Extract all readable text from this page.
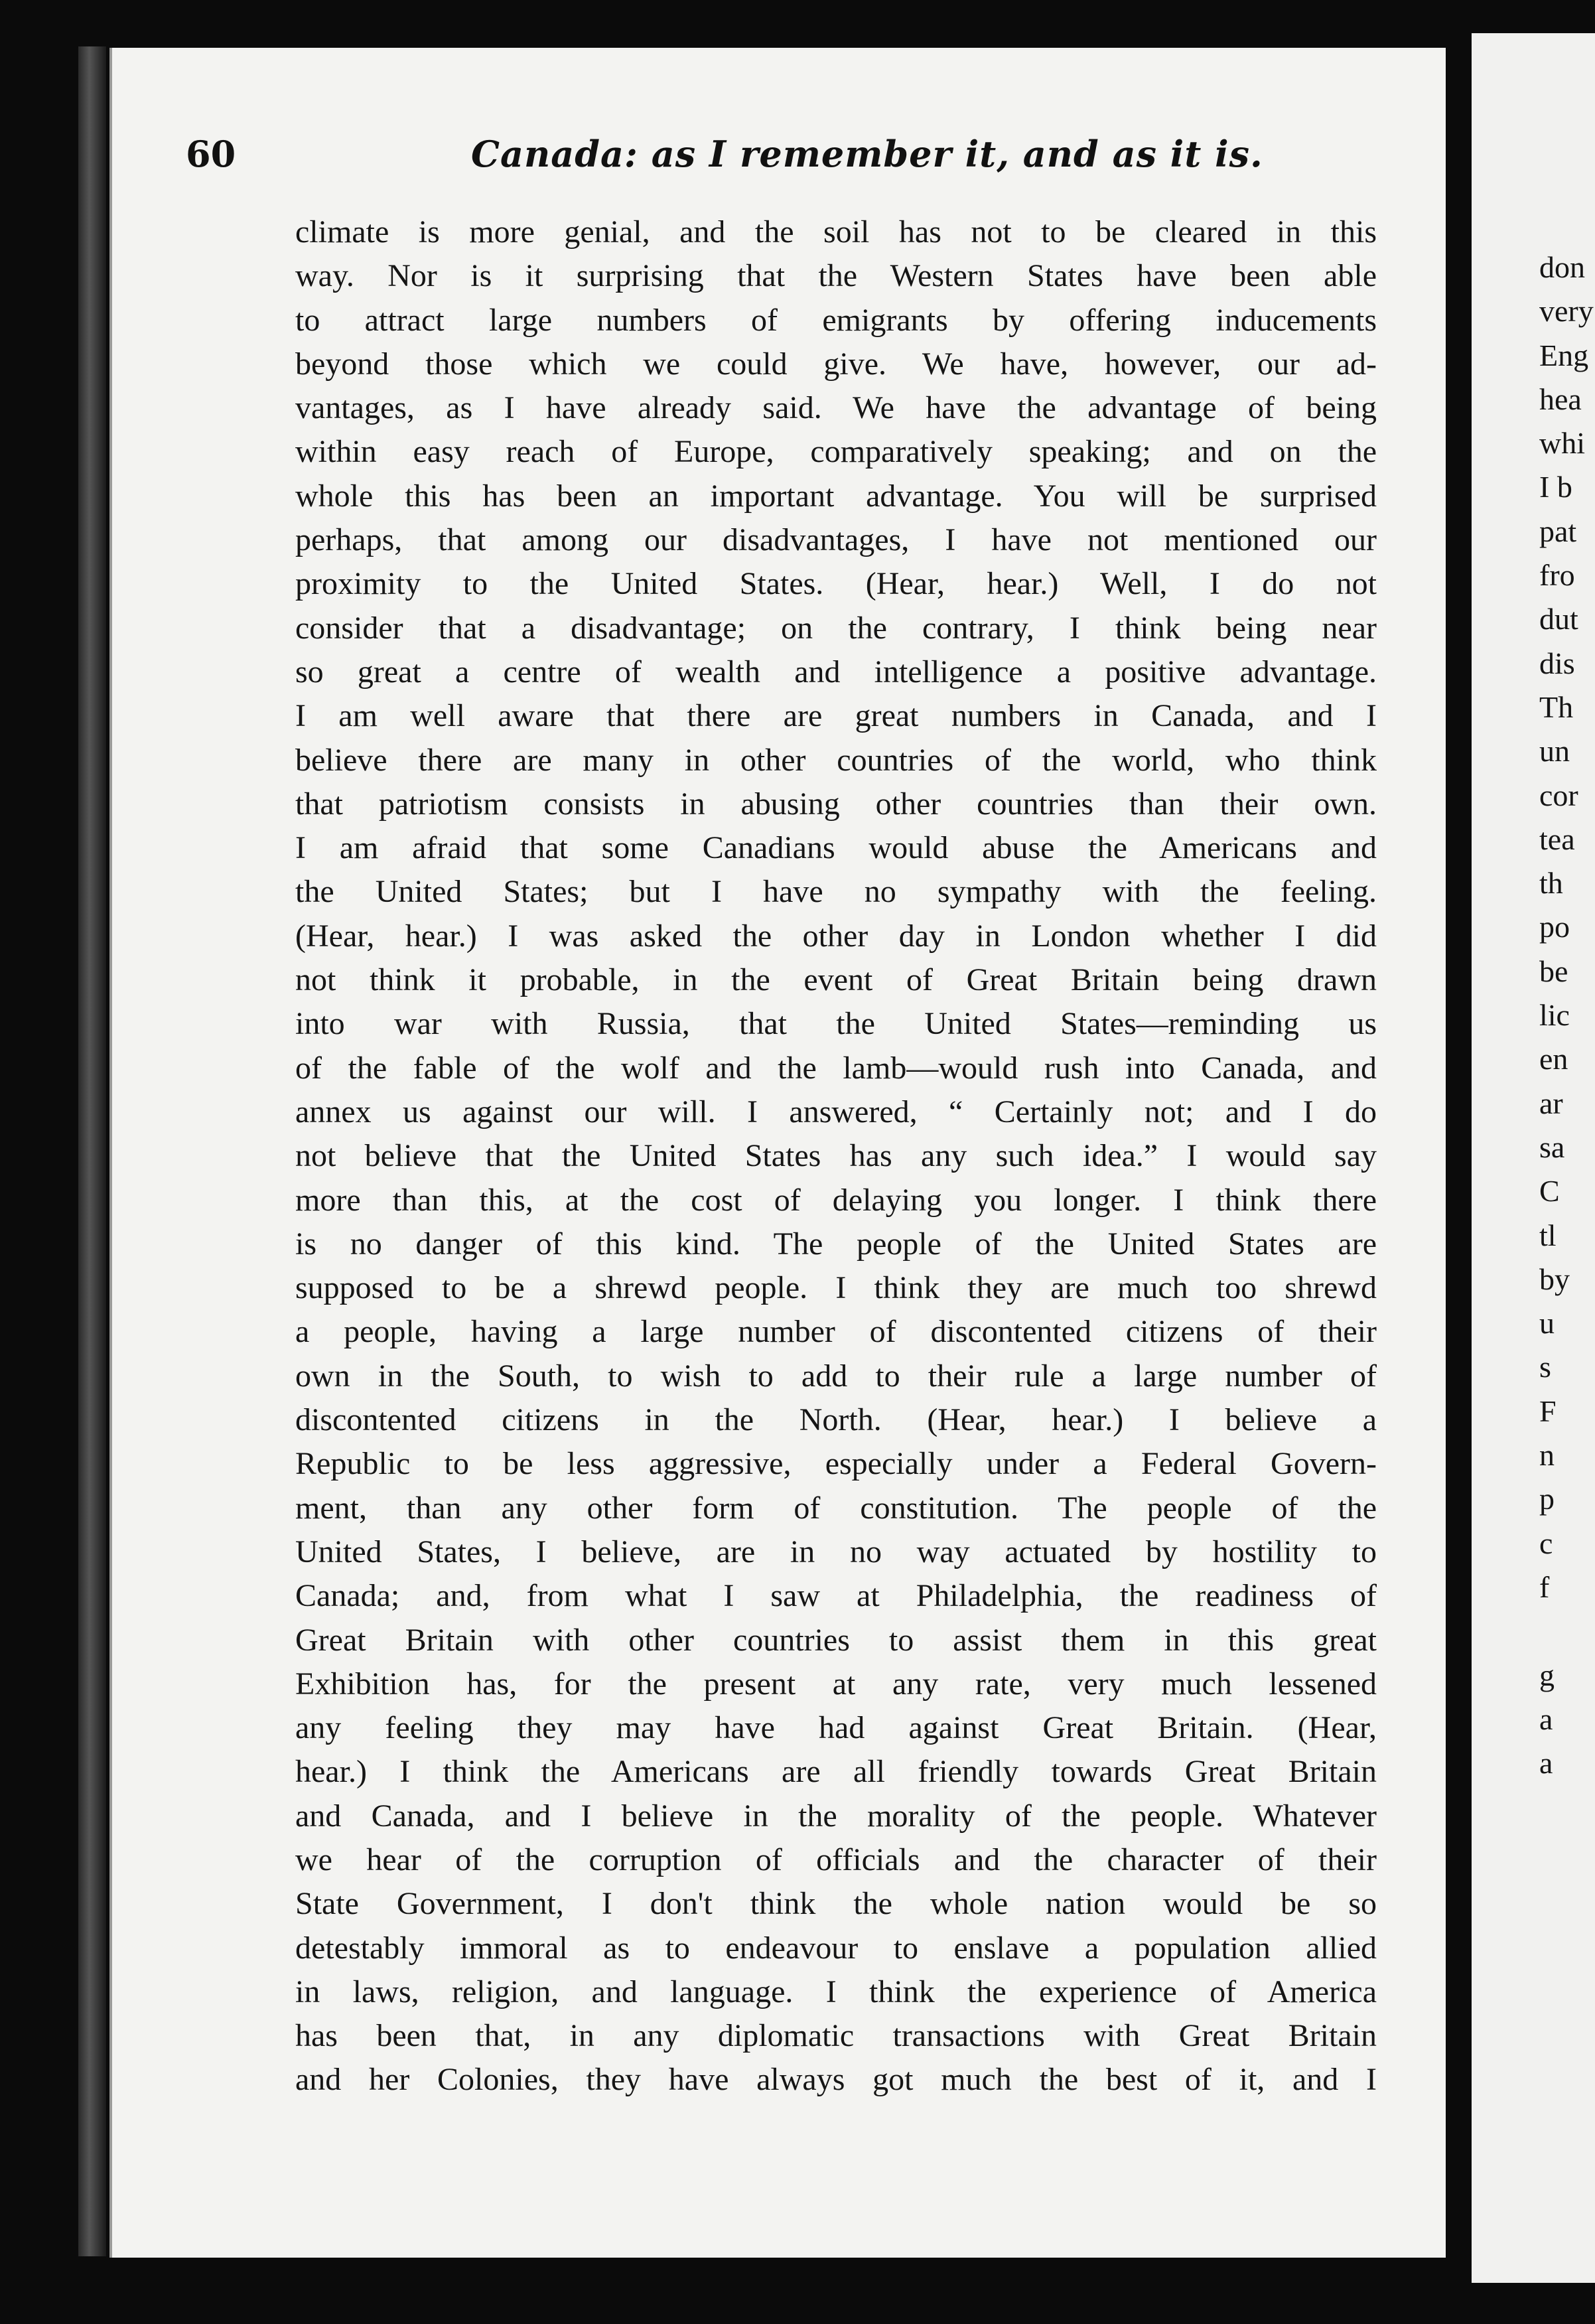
60	Canada: as I remember it, and as it is.
climate is more genial, and the soil has not to be cleared in this
way. Nor is it surprising that the Western States have been able
to attract large numbers of emigrants by offering inducements
beyond those which we could give. We have, however, our ad-
vantages, as I have already said. We have the advantage of being
within easy reach of Europe, comparatively speaking; and on the
whole this has been an important advantage. You will be surprised
perhaps, that among our disadvantages, I have not mentioned our
proximity to the United States. (Hear, hear.) Well, I do not
consider that a disadvantage; on the contrary, I think being near
so great a centre of wealth and intelligence a positive advantage.
I am well aware that there are great numbers in Canada, and I
believe there are many in other countries of the world, who think
that patriotism consists in abusing other countries than their own.
I am afraid that some Canadians would abuse the Americans and
the United States; but I have no sympathy with the feeling.
(Hear, hear.) I was asked the other day in London whether I did
not think it probable, in the event of Great Britain being drawn
into war with Russia, that the United States—reminding us
of the fable of the wolf and the lamb—would rush into Canada, and
annex us against our will. I answered, “ Certainly not; and I do
not believe that the United States has any such idea.” I would say
more than this, at the cost of delaying you longer. I think there
is no danger of this kind. The people of the United States are
supposed to be a shrewd people. I think they are much too shrewd
a people, having a large number of discontented citizens of their
own in the South, to wish to add to their rule a large number of
discontented citizens in the North. (Hear, hear.) I believe a
Republic to be less aggressive, especially under a Federal Govern-
ment, than any other form of constitution. The people of the
United States, I believe, are in no way actuated by hostility to
Canada; and, from what I saw at Philadelphia, the readiness of
Great Britain with other countries to assist them in this great
Exhibition has, for the present at any rate, very much lessened
any feeling they may have had against Great Britain. (Hear,
hear.) I think the Americans are all friendly towards Great Britain
and Canada, and I believe in the morality of the people. Whatever
we hear of the corruption of officials and the character of their
State Government, I don't think the whole nation would be so
detestably immoral as to endeavour to enslave a population allied
in laws, religion, and language. I think the experience of America
has been that, in any diplomatic transactions with Great Britain
and her Colonies, they have always got much the best of it, and I
don
very
Eng
hea
whi
I b
pat
fro
dut
dis
Th
un
cor
tea
th
po
be
lic
en
ar
sa
C
tl
by
u
s
F
n
p
c
f

g
a
a
